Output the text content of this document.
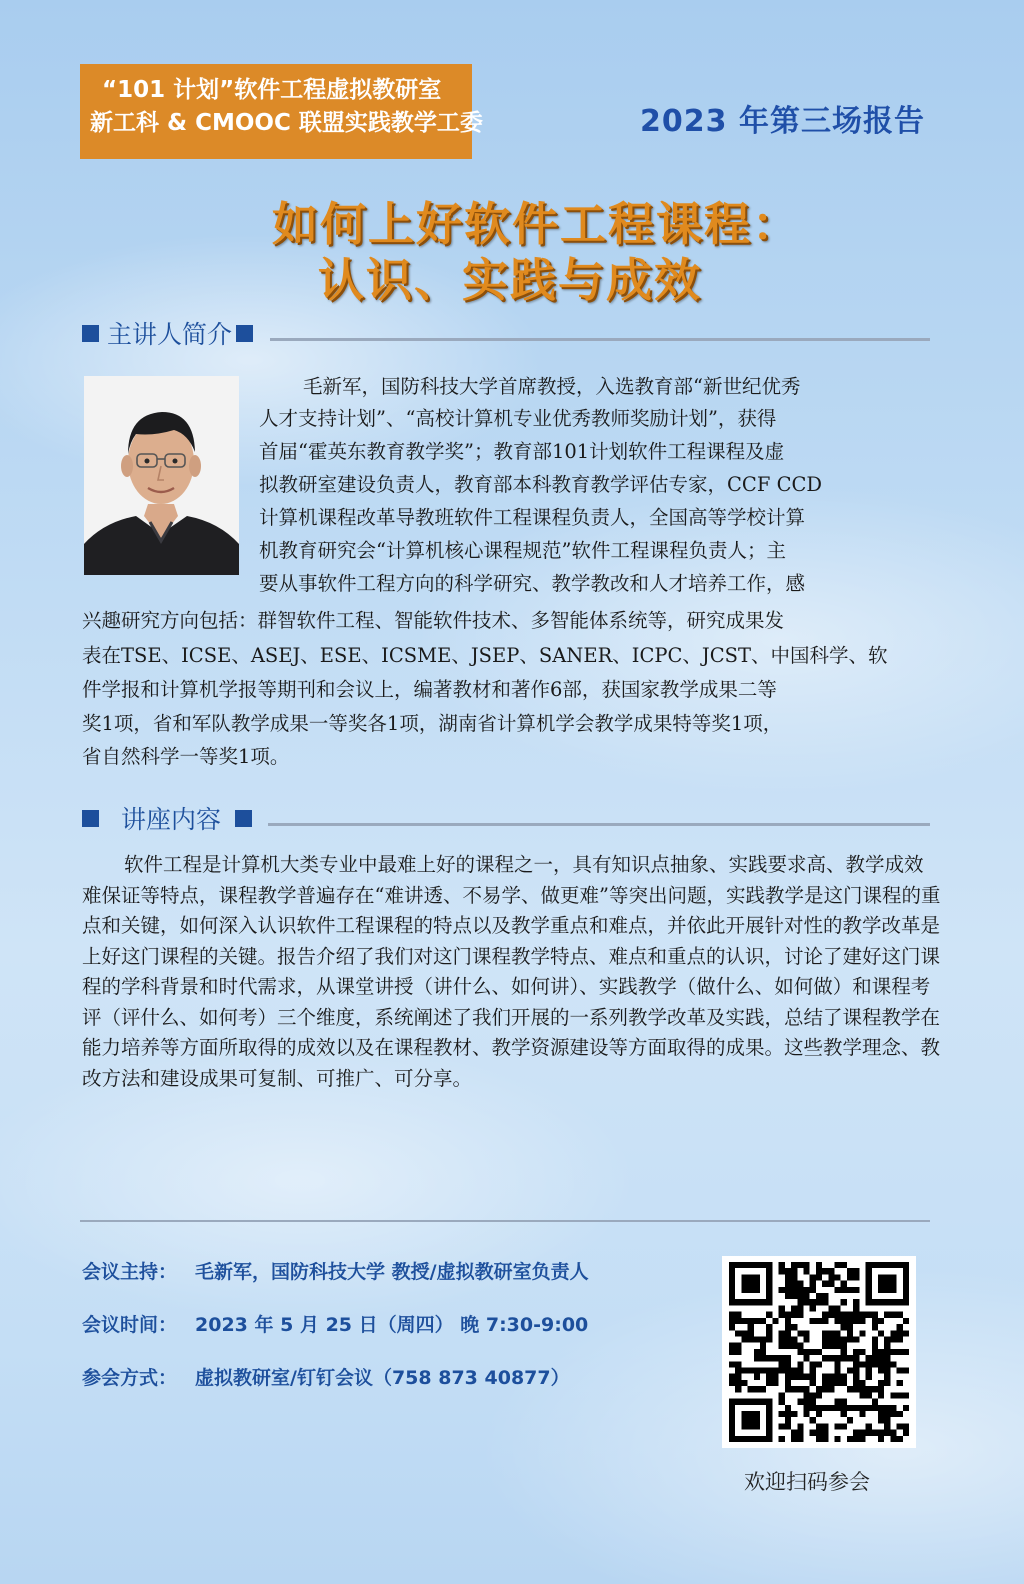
“101 计划”软件工程虚拟教研室
新工科 & CMOOC 联盟实践教学工委	2023 年第三场报告
如何上好软件工程课程：
认识、实践与成效
主讲人简介
毛新军，国防科技大学首席教授，入选教育部“新世纪优秀
人才支持计划”、“高校计算机专业优秀教师奖励计划”，获得
首届“霍英东教育教学奖”；教育部101计划软件工程课程及虚
拟教研室建设负责人，教育部本科教育教学评估专家，CCF CCD
计算机课程改革导教班软件工程课程负责人，全国高等学校计算
机教育研究会“计算机核心课程规范”软件工程课程负责人；主
要从事软件工程方向的科学研究、教学教改和人才培养工作，感
兴趣研究方向包括：群智软件工程、智能软件技术、多智能体系统等，研究成果发
表在TSE、ICSE、ASEJ、ESE、ICSME、JSEP、SANER、ICPC、JCST、中国科学、软
件学报和计算机学报等期刊和会议上，编著教材和著作6部，获国家教学成果二等
奖1项，省和军队教学成果一等奖各1项，湖南省计算机学会教学成果特等奖1项，
省自然科学一等奖1项。
讲座内容
软件工程是计算机大类专业中最难上好的课程之一，具有知识点抽象、实践要求高、教学成效难保证等特点，课程教学普遍存在“难讲透、不易学、做更难”等突出问题，实践教学是这门课程的重点和关键，如何深入认识软件工程课程的特点以及教学重点和难点，并依此开展针对性的教学改革是上好这门课程的关键。报告介绍了我们对这门课程教学特点、难点和重点的认识，讨论了建好这门课程的学科背景和时代需求，从课堂讲授（讲什么、如何讲）、实践教学（做什么、如何做）和课程考评（评什么、如何考）三个维度，系统阐述了我们开展的一系列教学改革及实践，总结了课程教学在能力培养等方面所取得的成效以及在课程教材、教学资源建设等方面取得的成果。这些教学理念、教改方法和建设成果可复制、可推广、可分享。
会议主持： 毛新军，国防科技大学 教授/虚拟教研室负责人
会议时间： 2023 年 5 月 25 日（周四） 晚 7:30-9:00
参会方式： 虚拟教研室/钉钉会议（758 873 40877）
欢迎扫码参会
